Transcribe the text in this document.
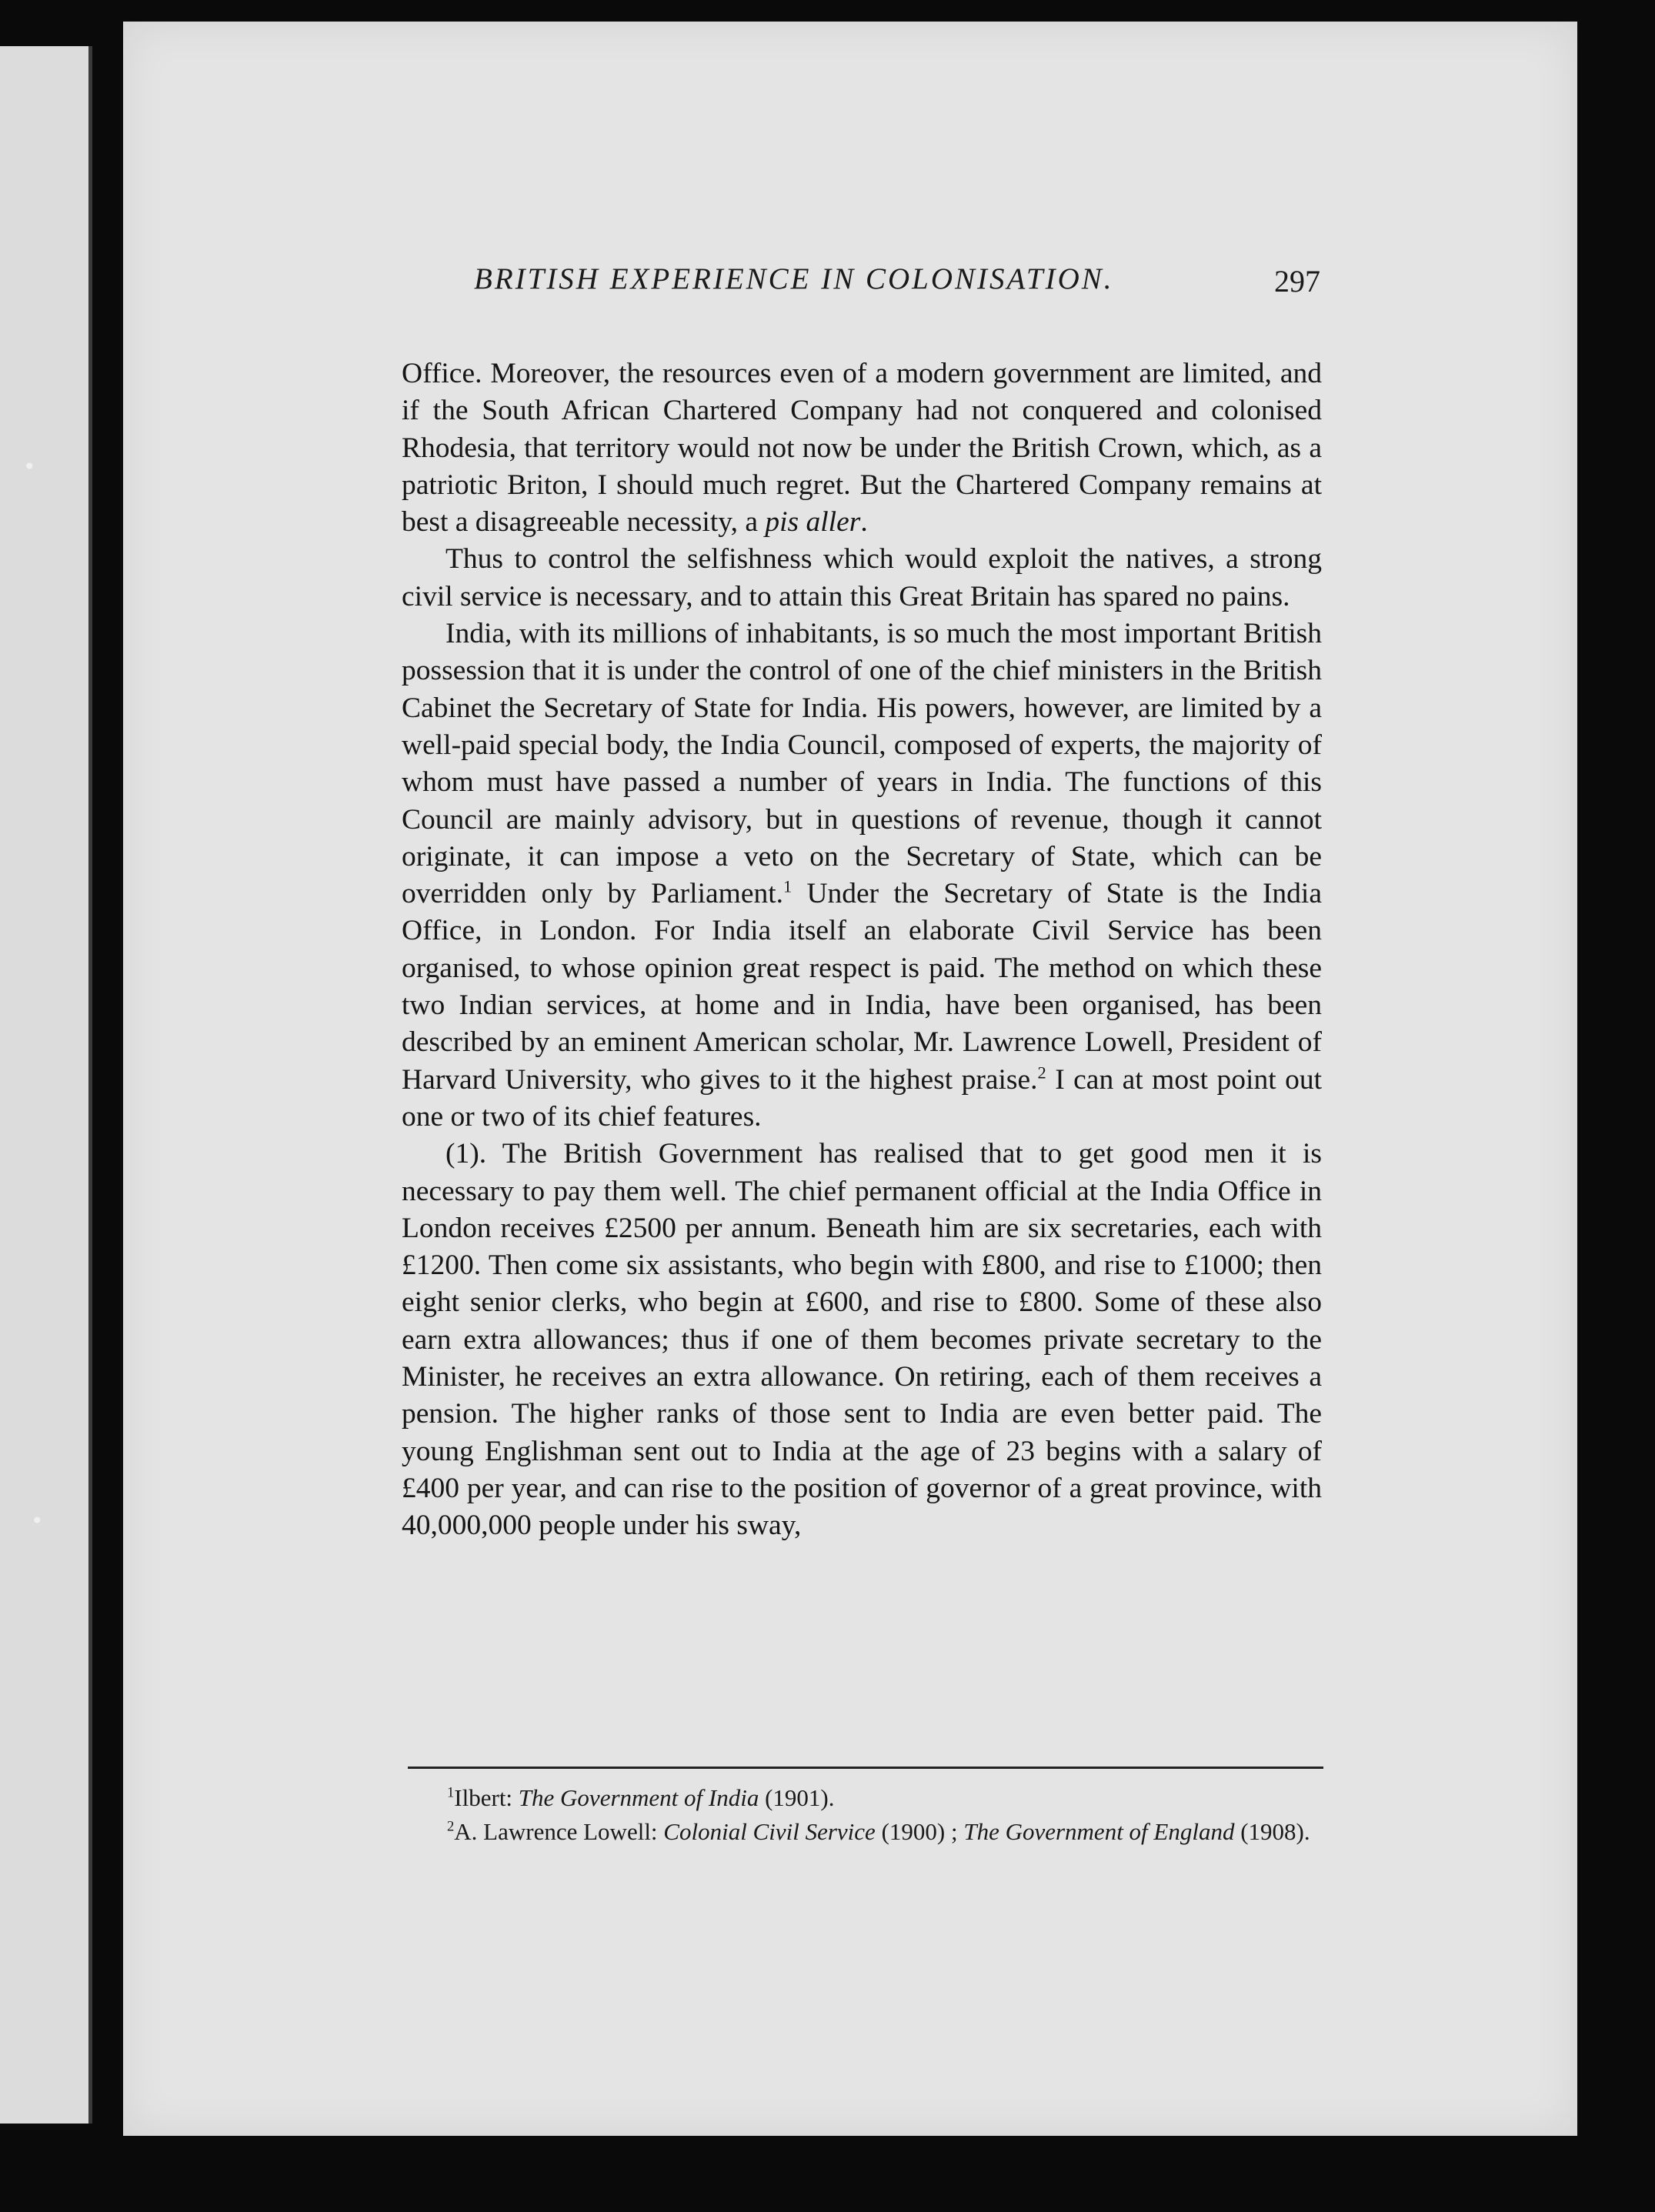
•
•
BRITISH EXPERIENCE IN COLONISATION.	297

Office. Moreover, the resources even of a modern government are limited, and if the South African Chartered Company had not conquered and colonised Rhodesia, that territory would not now be under the British Crown, which, as a patriotic Briton, I should much regret. But the Chartered Company remains at best a disagreeable necessity, a pis aller.

Thus to control the selfishness which would exploit the natives, a strong civil service is necessary, and to attain this Great Britain has spared no pains.

India, with its millions of inhabitants, is so much the most important British possession that it is under the control of one of the chief ministers in the British Cabinet the Secretary of State for India. His powers, however, are limited by a well-paid special body, the India Council, composed of experts, the majority of whom must have passed a number of years in India. The functions of this Council are mainly advisory, but in questions of revenue, though it cannot originate, it can impose a veto on the Secretary of State, which can be overridden only by Parliament.$^1$ Under the Secretary of State is the India Office, in London. For India itself an elaborate Civil Service has been organised, to whose opinion great respect is paid. The method on which these two Indian services, at home and in India, have been organised, has been described by an eminent American scholar, Mr. Lawrence Lowell, President of Harvard University, who gives to it the highest praise.$^2$ I can at most point out one or two of its chief features.

(1). The British Government has realised that to get good men it is necessary to pay them well. The chief permanent official at the India Office in London receives £2500 per annum. Beneath him are six secretaries, each with £1200. Then come six assistants, who begin with £800, and rise to £1000; then eight senior clerks, who begin at £600, and rise to £800. Some of these also earn extra allowances; thus if one of them becomes private secretary to the Minister, he receives an extra allowance. On retiring, each of them receives a pension. The higher ranks of those sent to India are even better paid. The young Englishman sent out to India at the age of 23 begins with a salary of £400 per year, and can rise to the position of governor of a great province, with 40,000,000 people under his sway,

$^1$Ilbert: The Government of India (1901).

$^2$A. Lawrence Lowell: Colonial Civil Service (1900) ; The Government of England (1908).
